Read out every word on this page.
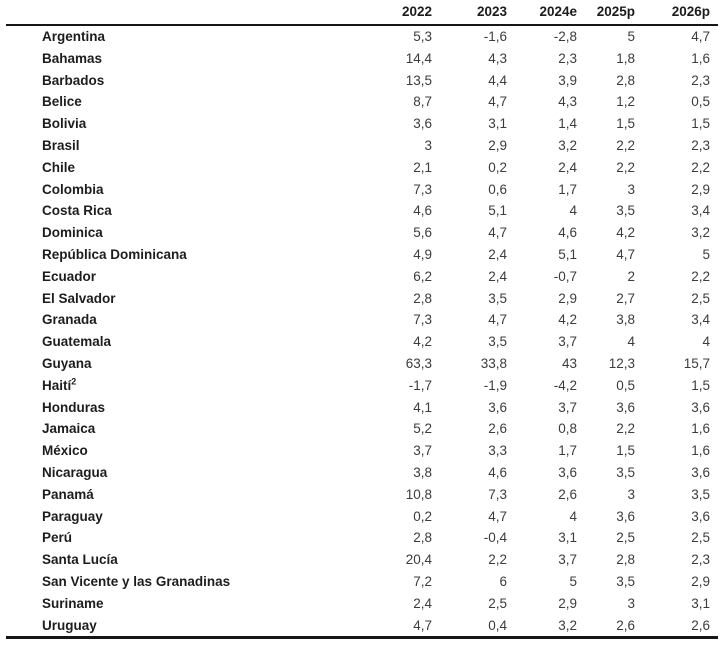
	2022	2023	2024e	2025p	2026p
Argentina	5,3	-1,6	-2,8	5	4,7
Bahamas	14,4	4,3	2,3	1,8	1,6
Barbados	13,5	4,4	3,9	2,8	2,3
Belice	8,7	4,7	4,3	1,2	0,5
Bolivia	3,6	3,1	1,4	1,5	1,5
Brasil	3	2,9	3,2	2,2	2,3
Chile	2,1	0,2	2,4	2,2	2,2
Colombia	7,3	0,6	1,7	3	2,9
Costa Rica	4,6	5,1	4	3,5	3,4
Dominica	5,6	4,7	4,6	4,2	3,2
República Dominicana	4,9	2,4	5,1	4,7	5
Ecuador	6,2	2,4	-0,7	2	2,2
El Salvador	2,8	3,5	2,9	2,7	2,5
Granada	7,3	4,7	4,2	3,8	3,4
Guatemala	4,2	3,5	3,7	4	4
Guyana	63,3	33,8	43	12,3	15,7
Haití$^2$	-1,7	-1,9	-4,2	0,5	1,5
Honduras	4,1	3,6	3,7	3,6	3,6
Jamaica	5,2	2,6	0,8	2,2	1,6
México	3,7	3,3	1,7	1,5	1,6
Nicaragua	3,8	4,6	3,6	3,5	3,6
Panamá	10,8	7,3	2,6	3	3,5
Paraguay	0,2	4,7	4	3,6	3,6
Perú	2,8	-0,4	3,1	2,5	2,5
Santa Lucía	20,4	2,2	3,7	2,8	2,3
San Vicente y las Granadinas	7,2	6	5	3,5	2,9
Suriname	2,4	2,5	2,9	3	3,1
Uruguay	4,7	0,4	3,2	2,6	2,6
